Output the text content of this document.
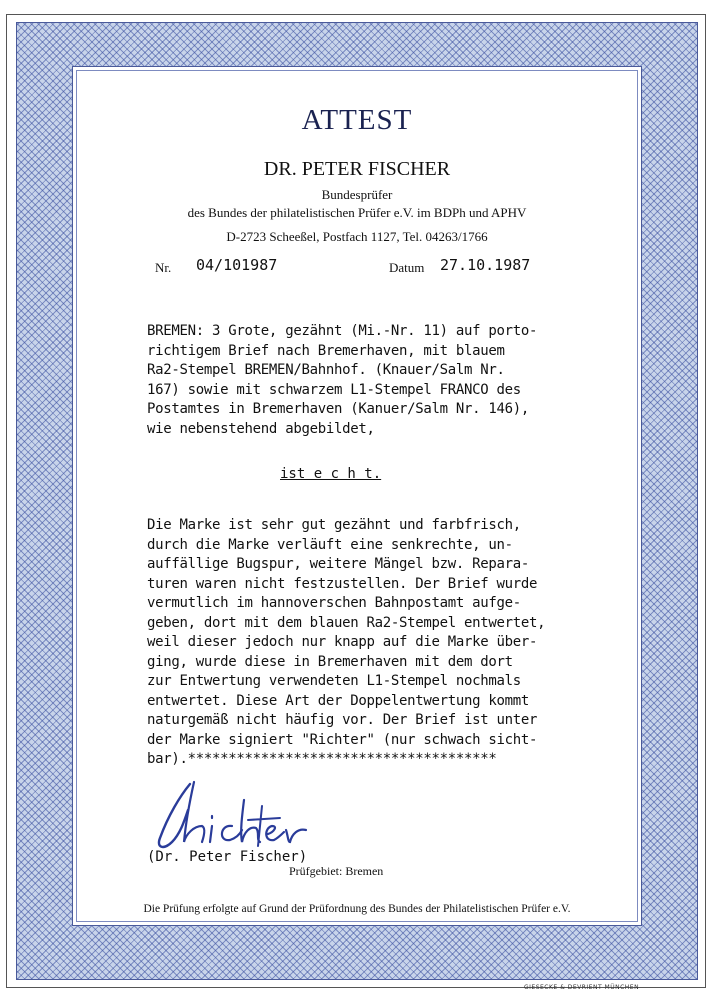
ATTEST
DR. PETER FISCHER
Bundesprüfer
des Bundes der philatelistischen Prüfer e.V. im BDPh und APHV
D-2723 Scheeßel, Postfach 1127, Tel. 04263/1766
Nr. 04/101987	Datum 27.10.1987
BREMEN: 3 Grote, gezähnt (Mi.-Nr. 11) auf porto-
richtigem Brief nach Bremerhaven, mit blauem
Ra2-Stempel BREMEN/Bahnhof. (Knauer/Salm Nr.
167) sowie mit schwarzem L1-Stempel FRANCO des
Postamtes in Bremerhaven (Kanuer/Salm Nr. 146),
wie nebenstehend abgebildet,
ist e c h t.
Die Marke ist sehr gut gezähnt und farbfrisch,
durch die Marke verläuft eine senkrechte, un-
auffällige Bugspur, weitere Mängel bzw. Repara-
turen waren nicht festzustellen. Der Brief wurde
vermutlich im hannoverschen Bahnpostamt aufge-
geben, dort mit dem blauen Ra2-Stempel entwertet,
weil dieser jedoch nur knapp auf die Marke über-
ging, wurde diese in Bremerhaven mit dem dort
zur Entwertung verwendeten L1-Stempel nochmals
entwertet. Diese Art der Doppelentwertung kommt
naturgemäß nicht häufig vor. Der Brief ist unter
der Marke signiert "Richter" (nur schwach sicht-
bar).**************************************
(Dr. Peter Fischer)
Prüfgebiet: Bremen
Die Prüfung erfolgte auf Grund der Prüfordnung des Bundes der Philatelistischen Prüfer e.V.
GIESECKE & DEVRIENT MÜNCHEN
